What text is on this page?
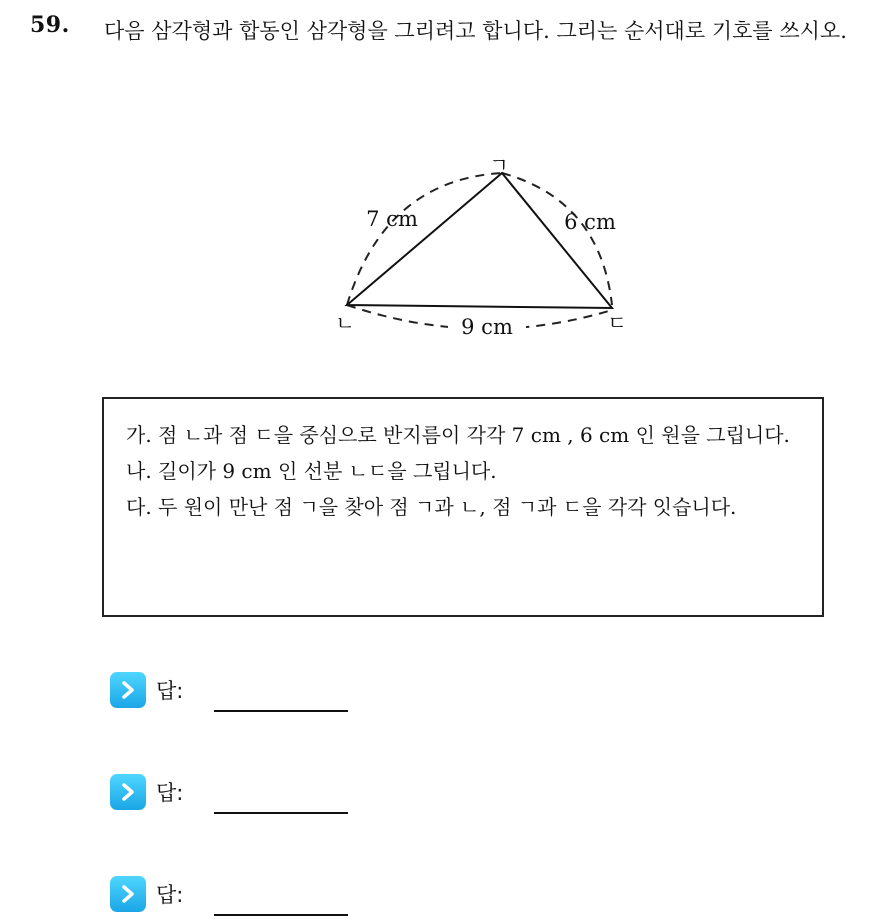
59. 다음 삼각형과 합동인 삼각형을 그리려고 합니다. 그리는 순서대로 기호를 쓰시오.
ㄱ
ㄴ	ㄷ
7 cm	6 cm
9 cm

가. 점 ㄴ과 점 ㄷ을 중심으로 반지름이 각각 7 cm , 6 cm 인 원을 그립니다.

나. 길이가 9 cm 인 선분 ㄴㄷ을 그립니다.

다. 두 원이 만난 점 ㄱ을 찾아 점 ㄱ과 ㄴ, 점 ㄱ과 ㄷ을 각각 잇습니다.

답:
답:
답:
